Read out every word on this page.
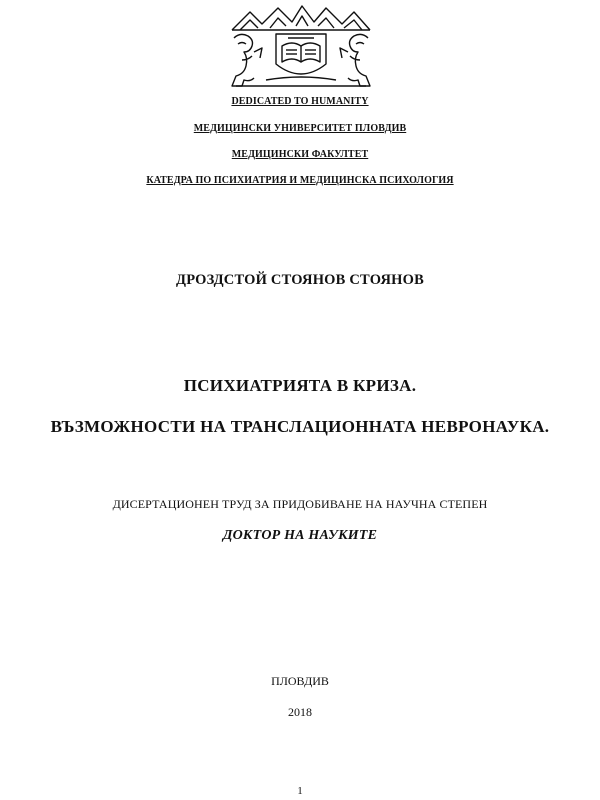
DEDICATED TO HUMANITY
МЕДИЦИНСКИ УНИВЕРСИТЕТ ПЛОВДИВ
МЕДИЦИНСКИ ФАКУЛТЕТ
КАТЕДРА ПО ПСИХИАТРИЯ И МЕДИЦИНСКА ПСИХОЛОГИЯ
ДРОЗДСТОЙ СТОЯНОВ СТОЯНОВ
ПСИХИАТРИЯТА В КРИЗА.
ВЪЗМОЖНОСТИ НА ТРАНСЛАЦИОННАТА НЕВРОНАУКА.
ДИСЕРТАЦИОНЕН ТРУД ЗА ПРИДОБИВАНЕ НА НАУЧНА СТЕПЕН
ДОКТОР НА НАУКИТЕ
ПЛОВДИВ
2018
1
